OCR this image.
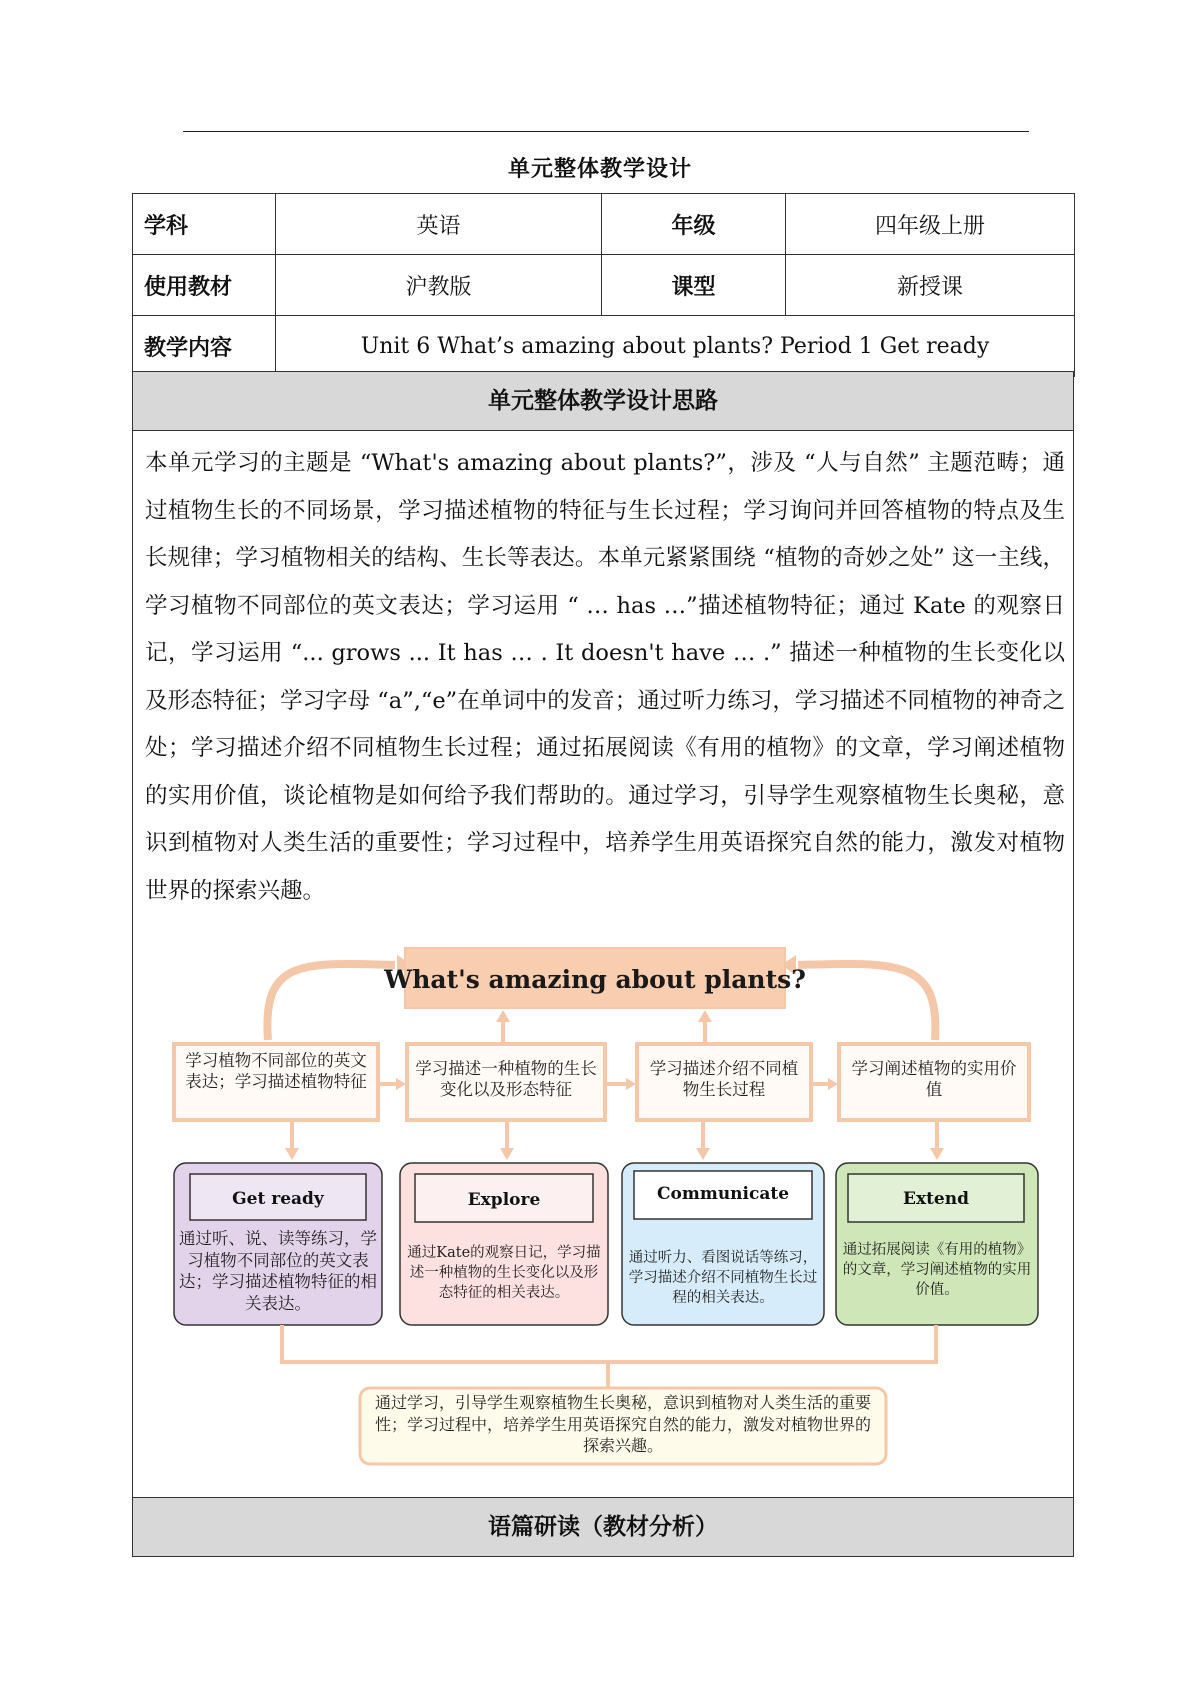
单元整体教学设计
学科	英语	年级	四年级上册
使用教材	沪教版	课型	新授课
教学内容	Unit 6 What’s amazing about plants? Period 1 Get ready		
单元整体教学设计思路

本单元学习的主题是 “What's amazing about plants?”，涉及 “人与自然” 主题范畴；通过植物生长的不同场景，学习描述植物的特征与生长过程；学习询问并回答植物的特点及生长规律；学习植物相关的结构、生长等表达。本单元紧紧围绕 “植物的奇妙之处” 这一主线，学习植物不同部位的英文表达；学习运用 “ … has …”描述植物特征；通过 Kate 的观察日记，学习运用 “... grows ... It has … . It doesn't have … .” 描述一种植物的生长变化以及形态特征；学习字母 “a”,“e”在单词中的发音；通过听力练习，学习描述不同植物的神奇之处；学习描述介绍不同植物生长过程；通过拓展阅读《有用的植物》的文章，学习阐述植物的实用价值，谈论植物是如何给予我们帮助的。通过学习，引导学生观察植物生长奥秘，意识到植物对人类生活的重要性；学习过程中，培养学生用英语探究自然的能力，激发对植物世界的探索兴趣。

What's amazing about plants?
学习植物不同部位的英文表达；学习描述植物特征
学习描述一种植物的生长变化以及形态特征
学习描述介绍不同植物生长过程
学习阐述植物的实用价值
Get ready
通过听、说、读等练习，学习植物不同部位的英文表达；学习描述植物特征的相关表达。
Explore
通过Kate的观察日记，学习描述一种植物的生长变化以及形态特征的相关表达。
Communicate
通过听力、看图说话等练习，学习描述介绍不同植物生长过程的相关表达。
Extend
通过拓展阅读《有用的植物》的文章，学习阐述植物的实用价值。
通过学习，引导学生观察植物生长奥秘，意识到植物对人类生活的重要性；学习过程中，培养学生用英语探究自然的能力，激发对植物世界的探索兴趣。
语篇研读（教材分析）
